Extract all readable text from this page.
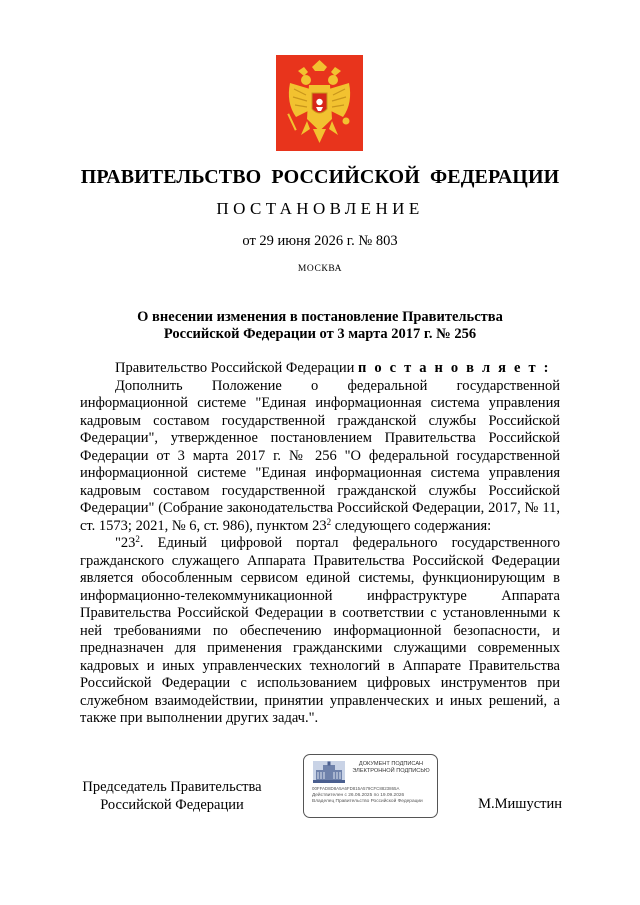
ПРАВИТЕЛЬСТВО РОССИЙСКОЙ ФЕДЕРАЦИИ
ПОСТАНОВЛЕНИЕ
от 29 июня 2026 г. № 803
МОСКВА
О внесении изменения в постановление Правительства
Российской Федерации от 3 марта 2017 г. № 256

Правительство Российской Федерации п о с т а н о в л я е т :

Дополнить Положение о федеральной государственной информационной системе "Единая информационная система управления кадровым составом государственной гражданской службы Российской Федерации", утвержденное постановлением Правительства Российской Федерации от 3 марта 2017 г. № 256 "О федеральной государственной информационной системе "Единая информационная система управления кадровым составом государственной гражданской службы Российской Федерации" (Собрание законодательства Российской Федерации, 2017, № 11, ст. 1573; 2021, № 6, ст. 986), пунктом $23^2$ следующего содержания:

"$23^2$. Единый цифровой портал федерального государственного гражданского служащего Аппарата Правительства Российской Федерации является обособленным сервисом единой системы, функционирующим в информационно-телекоммуникационной инфраструктуре Аппарата Правительства Российской Федерации в соответствии с установленными к ней требованиями по обеспечению информационной безопасности, и предназначен для применения гражданскими служащими современных кадровых и иных управленческих технологий в Аппарате Правительства Российской Федерации с использованием цифровых инструментов при служебном взаимодействии, принятии управленческих и иных решений, а также при выполнении других задач.".

Председатель Правительства
Российской Федерации
ДОКУМЕНТ ПОДПИСАН
ЭЛЕКТРОННОЙ ПОДПИСЬЮ
00FFAD8D8A5A6FD815A579CFC8823865A
Действителен с 26.06.2025 по 19.09.2026
Владелец Правительство Российской Федерации	М.Мишустин
